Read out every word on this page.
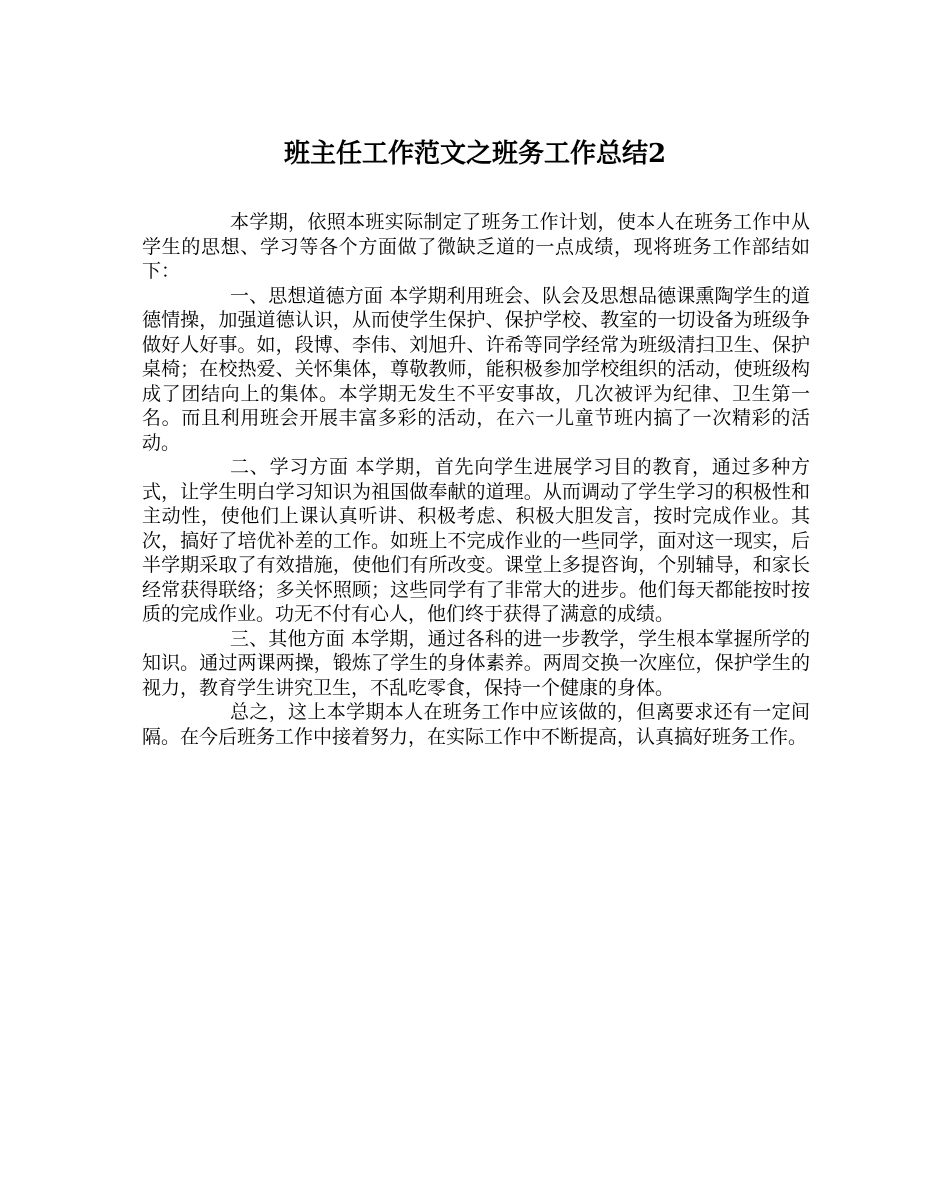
班主任工作范文之班务工作总结2

本学期，依照本班实际制定了班务工作计划，使本人在班务工作中从学生的思想、学习等各个方面做了微缺乏道的一点成绩，现将班务工作部结如下：

一、思想道德方面 本学期利用班会、队会及思想品德课熏陶学生的道德情操，加强道德认识，从而使学生保护、保护学校、教室的一切设备为班级争做好人好事。如，段博、李伟、刘旭升、许希等同学经常为班级清扫卫生、保护桌椅；在校热爱、关怀集体，尊敬教师，能积极参加学校组织的活动，使班级构成了团结向上的集体。本学期无发生不平安事故，几次被评为纪律、卫生第一名。而且利用班会开展丰富多彩的活动，在六一儿童节班内搞了一次精彩的活动。

二、学习方面 本学期，首先向学生进展学习目的教育，通过多种方式，让学生明白学习知识为祖国做奉献的道理。从而调动了学生学习的积极性和主动性，使他们上课认真听讲、积极考虑、积极大胆发言，按时完成作业。其次，搞好了培优补差的工作。如班上不完成作业的一些同学，面对这一现实，后半学期采取了有效措施，使他们有所改变。课堂上多提咨询，个别辅导，和家长经常获得联络；多关怀照顾；这些同学有了非常大的进步。他们每天都能按时按质的完成作业。功无不付有心人，他们终于获得了满意的成绩。

三、其他方面 本学期，通过各科的进一步教学，学生根本掌握所学的知识。通过两课两操，锻炼了学生的身体素养。两周交换一次座位，保护学生的视力，教育学生讲究卫生，不乱吃零食，保持一个健康的身体。

总之，这上本学期本人在班务工作中应该做的，但离要求还有一定间隔。在今后班务工作中接着努力，在实际工作中不断提高，认真搞好班务工作。
